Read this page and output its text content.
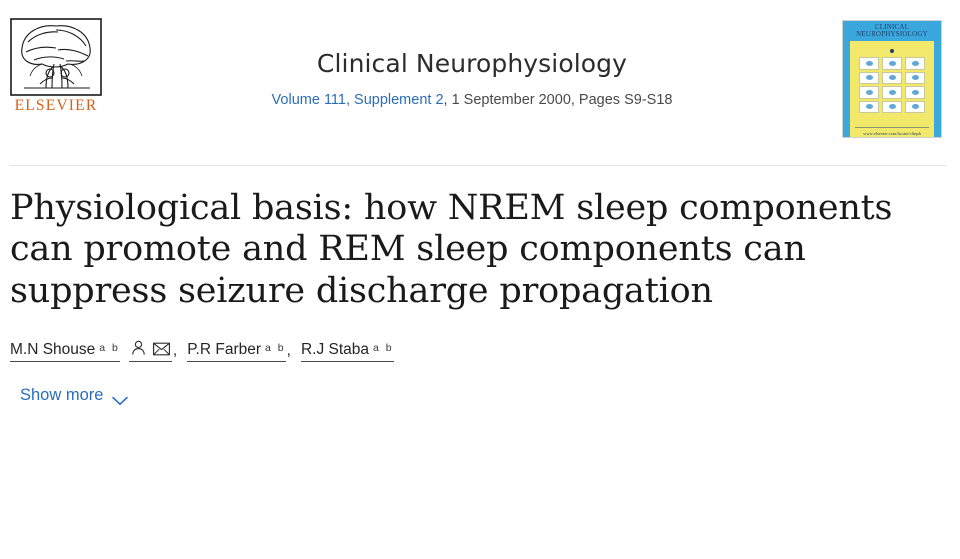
ELSEVIER
Clinical Neurophysiology
Volume 111, Supplement 2, 1 September 2000, Pages S9-S18
CLINICAL
NEUROPHYSIOLOGY
www.elsevier.com/locate/clinph
Physiological basis: how NREM sleep components can promote and REM sleep components can suppress seizure discharge propagation
M.N Shouse a b	, P.R Farber a b , R.J Staba a b
Show more
